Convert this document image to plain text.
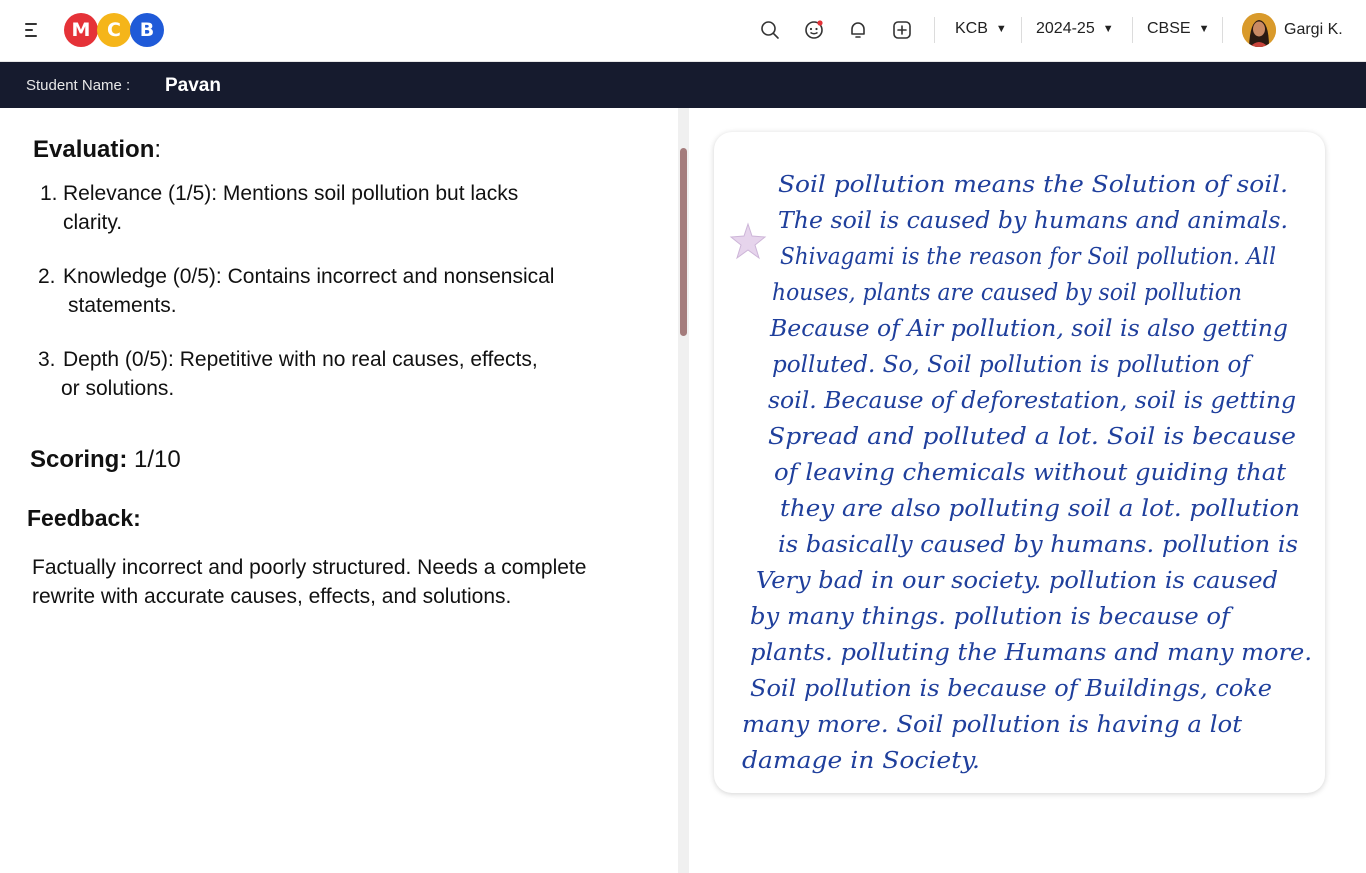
M C B	KCB ▼ 2024-25 ▼ CBSE ▼	Gargi K.
Student Name : Pavan
Evaluation:
1. Relevance (1/5): Mentions soil pollution but lacks
clarity.
2. Knowledge (0/5): Contains incorrect and nonsensical
statements.
3. Depth (0/5): Repetitive with no real causes, effects,
or solutions.
Scoring: 1/10
Feedback:
Factually incorrect and poorly structured. Needs a complete rewrite with accurate causes, effects, and solutions.
Soil pollution means the Solution of soil.
The soil is caused by humans and animals.
Shivagami is the reason for Soil pollution. All
houses, plants are caused by soil pollution
Because of Air pollution, soil is also getting
polluted. So, Soil pollution is pollution of
soil. Because of deforestation, soil is getting
Spread and polluted a lot. Soil is because
of leaving chemicals without guiding that
they are also polluting soil a lot. pollution
is basically caused by humans. pollution is
Very bad in our society. pollution is caused
by many things. pollution is because of
plants. polluting the Humans and many more.
Soil pollution is because of Buildings, coke
many more. Soil pollution is having a lot
damage in Society.
